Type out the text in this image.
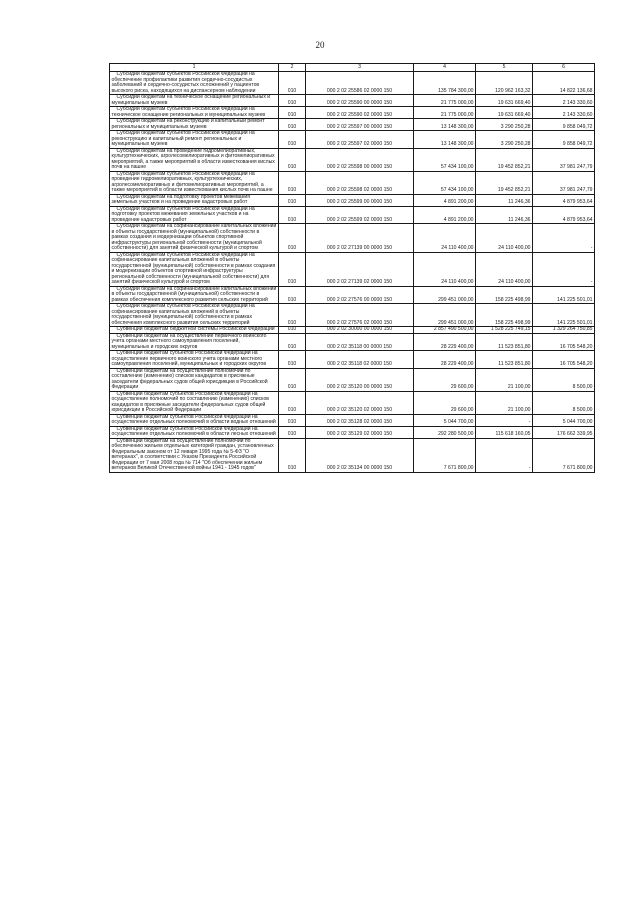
20
1	2	3	4	5	6
Субсидии бюджетам субъектов Российской Федерации на обеспечение профилактики развития сердечно-сосудистых заболеваний и сердечно-сосудистых осложнений у пациентов высокого риска, находящихся на диспансерном наблюдении	010	000 2 02 25586 02 0000 150	135 784 300,00	120 962 163,32	14 822 136,68
Субсидии бюджетам на техническое оснащение региональных и муниципальных музеев	010	000 2 02 25590 00 0000 150	21 775 000,00	19 631 669,40	2 143 330,60
Субсидии бюджетам субъектов Российской Федерации на техническое оснащение региональных и муниципальных музеев	010	000 2 02 25590 02 0000 150	21 775 000,00	19 631 669,40	2 143 330,60
Субсидии бюджетам на реконструкцию и капитальный ремонт региональных и муниципальных музеев	010	000 2 02 25597 00 0000 150	13 148 300,00	3 290 250,28	9 858 049,72
Субсидии бюджетам субъектов Российской Федерации на реконструкцию и капитальный ремонт региональных и муниципальных музеев	010	000 2 02 25597 02 0000 150	13 148 300,00	3 290 250,28	9 858 049,72
Субсидии бюджетам на проведение гидромелиоративных, культуртехнических, агролесомелиоративных и фитомелиоративных мероприятий, а также мероприятий в области известкования кислых почв на пашне	010	000 2 02 25598 00 0000 150	57 434 100,00	19 452 852,21	37 981 247,79
Субсидии бюджетам субъектов Российской Федерации на проведение гидромелиоративных, культуртехнических, агролесомелиоративных и фитомелиоративных мероприятий, а также мероприятий в области известкования кислых почв на пашне	010	000 2 02 25598 02 0000 150	57 434 100,00	19 452 852,21	37 981 247,79
Субсидии бюджетам на подготовку проектов межевания земельных участков и на проведение кадастровых работ	010	000 2 02 25599 00 0000 150	4 891 200,00	11 246,36	4 879 953,64
Субсидии бюджетам субъектов Российской Федерации на подготовку проектов межевания земельных участков и на проведение кадастровых работ	010	000 2 02 25599 02 0000 150	4 891 200,00	11 246,36	4 879 953,64
Субсидии бюджетам на софинансирование капитальных вложений в объекты государственной (муниципальной) собственности в рамках создания и модернизации объектов спортивной инфраструктуры региональной собственности (муниципальной собственности) для занятий физической культурой и спортом	010	000 2 02 27139 00 0000 150	24 110 400,00	24 110 400,00	-
Субсидии бюджетам субъектов Российской Федерации на софинансирование капитальных вложений в объекты государственной (муниципальной) собственности в рамках создания и модернизации объектов спортивной инфраструктуры региональной собственности (муниципальной собственности) для занятий физической культурой и спортом	010	000 2 02 27139 02 0000 150	24 110 400,00	24 110 400,00	-
Субсидии бюджетам на софинансирование капитальных вложений в объекты государственной (муниципальной) собственности в рамках обеспечения комплексного развития сельских территорий	010	000 2 02 27576 00 0000 150	299 451 000,00	158 225 498,99	141 225 501,01
Субсидии бюджетам субъектов Российской Федерации на софинансирование капитальных вложений в объекты государственной (муниципальной) собственности в рамках обеспечения комплексного развития сельских территорий	010	000 2 02 27576 02 0000 150	299 451 000,00	158 225 498,99	141 225 501,01
Субвенции бюджетам бюджетной системы Российской Федерации	010	000 2 02 30000 00 0000 150	2 857 490 500,00	1 528 225 749,15	1 329 264 750,85
Субвенции бюджетам на осуществление первичного воинского учета органами местного самоуправления поселений, муниципальных и городских округов	010	000 2 02 35118 00 0000 150	28 229 400,00	11 523 851,80	16 705 548,20
Субвенции бюджетам субъектов Российской Федерации на осуществление первичного воинского учета органами местного самоуправления поселений, муниципальных и городских округов	010	000 2 02 35118 02 0000 150	28 229 400,00	11 523 851,80	16 705 548,20
Субвенции бюджетам на осуществление полномочий по составлению (изменению) списков кандидатов в присяжные заседатели федеральных судов общей юрисдикции в Российской Федерации	010	000 2 02 35120 00 0000 150	29 600,00	21 100,00	8 500,00
Субвенции бюджетам субъектов Российской Федерации на осуществление полномочий по составлению (изменению) списков кандидатов в присяжные заседатели федеральных судов общей юрисдикции в Российской Федерации	010	000 2 02 35120 02 0000 150	29 600,00	21 100,00	8 500,00
Субвенции бюджетам субъектов Российской Федерации на осуществление отдельных полномочий в области водных отношений	010	000 2 02 35128 02 0000 150	5 044 700,00	-	5 044 700,00
Субвенции бюджетам субъектов Российской Федерации на осуществление отдельных полномочий в области лесных отношений	010	000 2 02 35129 02 0000 150	292 280 500,00	115 618 160,05	176 662 339,95
Субвенции бюджетам на осуществление полномочий по обеспечению жильем отдельных категорий граждан, установленных Федеральным законом от 12 января 1995 года № 5-ФЗ "О ветеранах", в соответствии с Указом Президента Российской Федерации от 7 мая 2008 года № 714 "Об обеспечении жильем ветеранов Великой Отечественной войны 1941 - 1945 годов"	010	000 2 02 35134 00 0000 150	7 671 800,00	-	7 671 800,00
